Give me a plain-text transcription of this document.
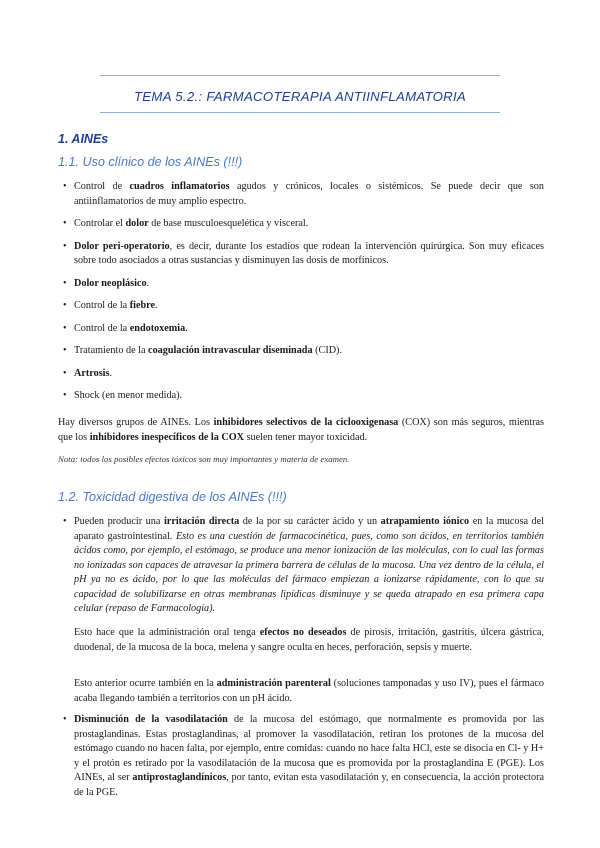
TEMA 5.2.: FARMACOTERAPIA ANTIINFLAMATORIA
1. AINEs
1.1. Uso clínico de los AINEs (!!!)
• Control de cuadros inflamatorios agudos y crónicos, locales o sistémicos. Se puede decir que son antiinflamatorios de muy amplio espectro.
• Controlar el dolor de base musculoesquelética y visceral.
• Dolor peri-operatorio, es decir, durante los estadíos que rodean la intervención quirúrgica. Son muy eficaces sobre todo asociados a otras sustancias y disminuyen las dosis de morfínicos.
• Dolor neoplásico.
• Control de la fiebre.
• Control de la endotoxemia.
• Tratamiento de la coagulación intravascular diseminada (CID).
• Artrosis.
• Shock (en menor medida).
Hay diversos grupos de AINEs. Los inhibidores selectivos de la ciclooxigenasa (COX) son más seguros, mientras que los inhibidores inespecíficos de la COX suelen tener mayor toxicidad.
Nota: todos los posibles efectos tóxicos son muy importantes y materia de examen.
1.2. Toxicidad digestiva de los AINEs (!!!)
• Pueden producir una irritación directa de la por su carácter ácido y un atrapamiento iónico en la mucosa del aparato gastrointestinal. Esto es una cuestión de farmacocinética, pues, como son ácidos, en territorios también ácidos como, por ejemplo, el estómago, se produce una menor ionización de las moléculas, con lo cual las formas no ionizadas son capaces de atravesar la primera barrera de células de la mucosa. Una vez dentro de la célula, el pH ya no es ácido, por lo que las moléculas del fármaco empiezan a ionizarse rápidamente, con lo que su capacidad de solubilizarse en otras membranas lipídicas disminuye y se queda atrapado en esa primera capa celular (repaso de Farmacología).
Esto hace que la administración oral tenga efectos no deseados de pirosis, irritación, gastritis, úlcera gástrica, duodenal, de la mucosa de la boca, melena y sangre oculta en heces, perforación, sepsis y muerte.
Esto anterior ocurre también en la administración parenteral (soluciones tamponadas y uso IV), pues el fármaco acaba llegando también a territorios con un pH ácido.
• Disminución de la vasodilatación de la mucosa del estómago, que normalmente es promovida por las prostaglandinas. Estas prostaglandinas, al promover la vasodilatación, retiran los protones de la mucosa del estómago cuando no hacen falta, por ejemplo, entre comidas: cuando no hace falta HCl, este se disocia en Cl- y H+ y el protón es retirado por la vasodilatación de la mucosa que es promovida por la prostaglandina E (PGE). Los AINEs, al ser antiprostaglandínicos, por tanto, evitan esta vasodilatación y, en consecuencia, la acción protectora de la PGE.
